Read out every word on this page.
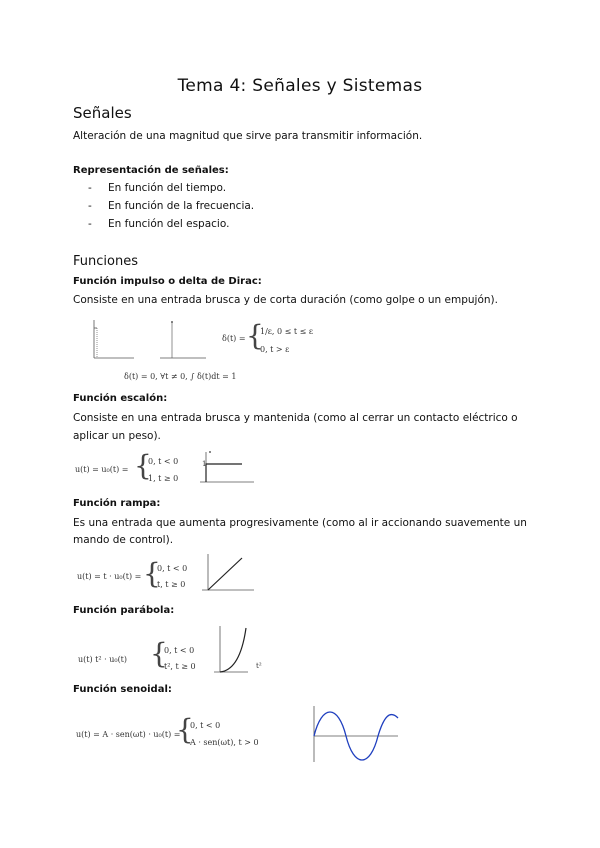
Tema 4: Señales y Sistemas
Señales
Alteración de una magnitud que sirve para transmitir información.
Representación de señales:
- En función del tiempo.
- En función de la frecuencia.
- En función del espacio.
Funciones
Función impulso o delta de Dirac:
Consiste en una entrada brusca y de corta duración (como golpe o un empujón).
δ(t) = {
1/ε, 0 ≤ t ≤ ε
0, t > ε
δ(t) = 0, ∀t ≠ 0, ∫ δ(t)dt = 1
Función escalón:
Consiste en una entrada brusca y mantenida (como al cerrar un contacto eléctrico o
aplicar un peso).
u(t) = u₀(t) = {
0, t < 0
1, t ≥ 0
1
Función rampa:
Es una entrada que aumenta progresivamente (como al ir accionando suavemente un
mando de control).
u(t) = t · u₀(t) = {
0, t < 0
t, t ≥ 0
Función parábola:
u(t) t² · u₀(t) {
0, t < 0
t², t ≥ 0	t²
Función senoidal:
u(t) = A · sen(ωt) · u₀(t) =
{
0, t < 0
A · sen(ωt), t > 0
